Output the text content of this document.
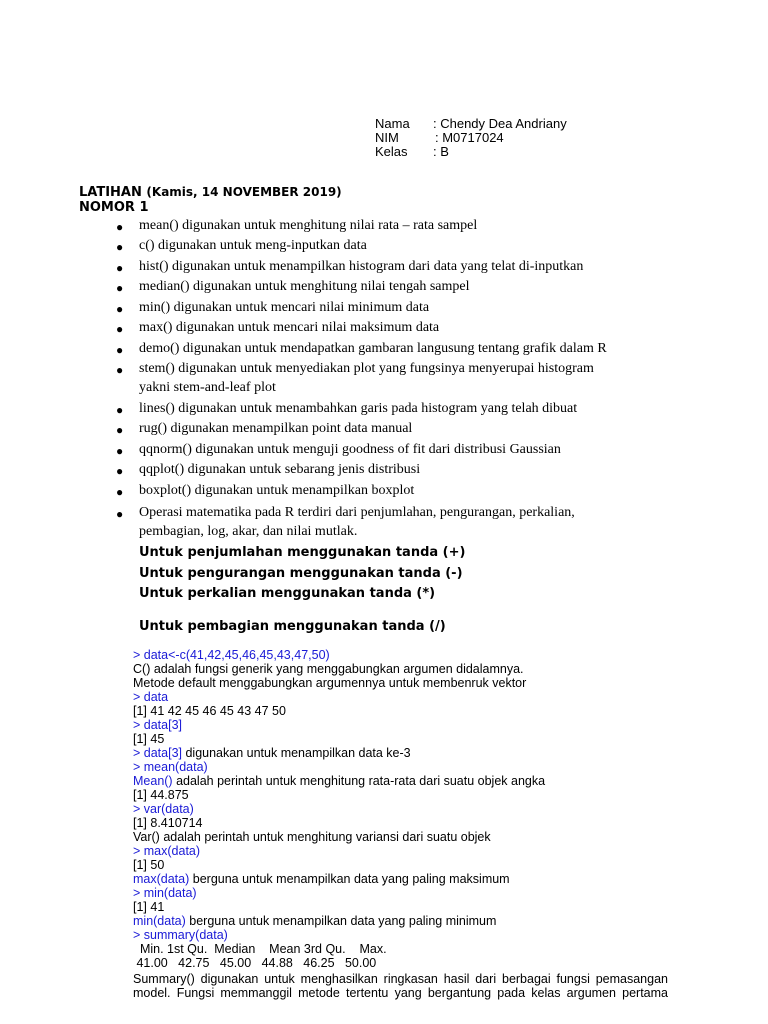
Nama : Chendy Dea Andriany
NIM	: M0717024
Kelas : B
LATIHAN (Kamis, 14 NOVEMBER 2019)
NOMOR 1
● mean() digunakan untuk menghitung nilai rata – rata sampel
● c() digunakan untuk meng-inputkan data
● hist() digunakan untuk menampilkan histogram dari data yang telat di-inputkan
● median() digunakan untuk menghitung nilai tengah sampel
● min() digunakan untuk mencari nilai minimum data
● max() digunakan untuk mencari nilai maksimum data
● demo() digunakan untuk mendapatkan gambaran langusung tentang grafik dalam R
● stem() digunakan untuk menyediakan plot yang fungsinya menyerupai histogram
yakni stem-and-leaf plot
● lines() digunakan untuk menambahkan garis pada histogram yang telah dibuat
● rug() digunakan menampilkan point data manual
● qqnorm() digunakan untuk menguji goodness of fit dari distribusi Gaussian
● qqplot() digunakan untuk sebarang jenis distribusi
● boxplot() digunakan untuk menampilkan boxplot
● Operasi matematika pada R terdiri dari penjumlahan, pengurangan, perkalian,
pembagian, log, akar, dan nilai mutlak.
Untuk penjumlahan menggunakan tanda (+)
Untuk pengurangan menggunakan tanda (-)
Untuk perkalian menggunakan tanda (*)
Untuk pembagian menggunakan tanda (/)
> data<-c(41,42,45,46,45,43,47,50)
C() adalah fungsi generik yang menggabungkan argumen didalamnya.
Metode default menggabungkan argumennya untuk membenruk vektor
> data
[1] 41 42 45 46 45 43 47 50
> data[3]
[1] 45
> data[3] digunakan untuk menampilkan data ke-3
> mean(data)
Mean() adalah perintah untuk menghitung rata-rata dari suatu objek angka
[1] 44.875
> var(data)
[1] 8.410714
Var() adalah perintah untuk menghitung variansi dari suatu objek
> max(data)
[1] 50
max(data) berguna untuk menampilkan data yang paling maksimum
> min(data)
[1] 41
min(data) berguna untuk menampilkan data yang paling minimum
> summary(data)
Min. 1st Qu.  Median    Mean 3rd Qu.    Max.
41.00   42.75   45.00   44.88   46.25   50.00
Summary() digunakan untuk menghasilkan ringkasan hasil dari berbagai fungsi pemasangan
model. Fungsi memmanggil metode tertentu yang bergantung pada kelas argumen pertama
